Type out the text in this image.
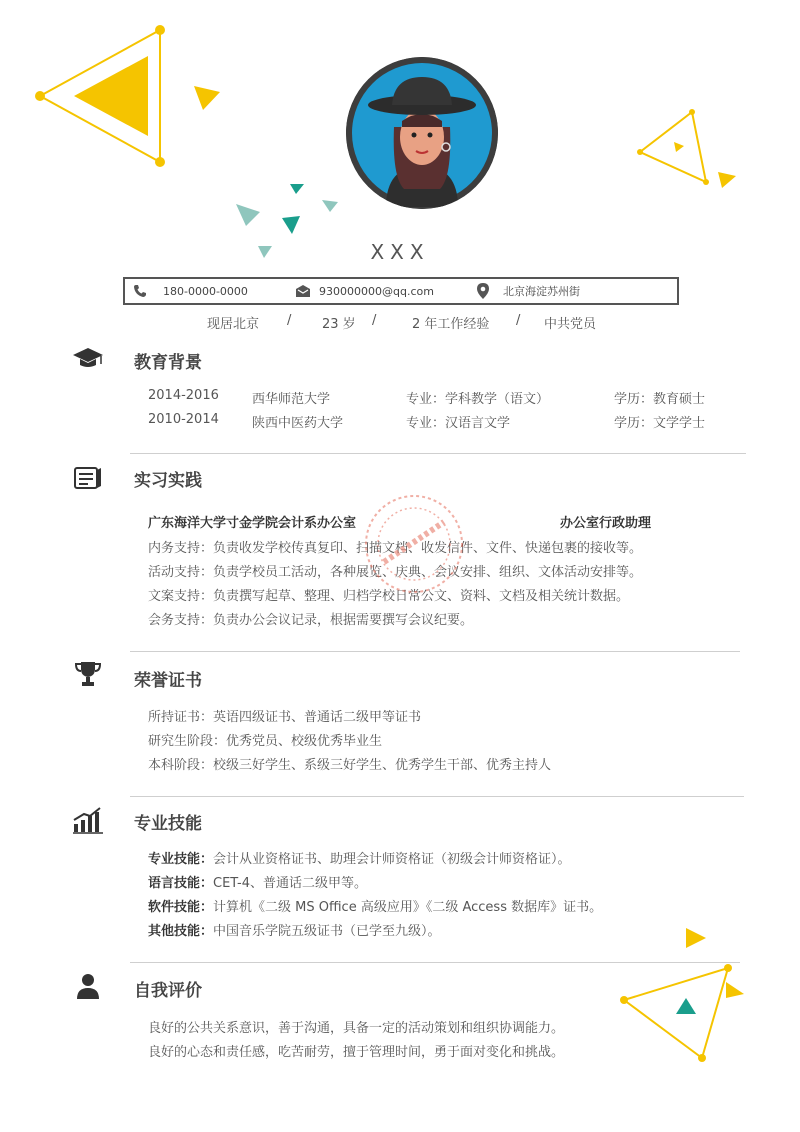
XXX
180-0000-0000	930000000@qq.com	北京海淀苏州街
现居北京 / 23 岁 /	2 年工作经验 / 中共党员
教育背景
2014-2016	西华师范大学	专业：学科教学（语文）	学历：教育硕士
2010-2014	陕西中医药大学	专业：汉语言文学	学历：文学学士
实习实践
广东海洋大学寸金学院会计系办公室	办公室行政助理
内务支持：负责收发学校传真复印、扫描文档、收发信件、文件、快递包裹的接收等。
活动支持：负责学校员工活动，各种展览、庆典、会议安排、组织、文体活动安排等。
文案支持：负责撰写起草、整理、归档学校日常公文、资料、文档及相关统计数据。
会务支持：负责办公会议记录，根据需要撰写会议纪要。
荣誉证书
所持证书：英语四级证书、普通话二级甲等证书
研究生阶段：优秀党员、校级优秀毕业生
本科阶段：校级三好学生、系级三好学生、优秀学生干部、优秀主持人
专业技能
专业技能：会计从业资格证书、助理会计师资格证（初级会计师资格证）。
语言技能：CET-4、普通话二级甲等。
软件技能：计算机《二级 MS Office 高级应用》《二级 Access 数据库》证书。
其他技能：中国音乐学院五级证书（已学至九级）。
自我评价
良好的公共关系意识，善于沟通，具备一定的活动策划和组织协调能力。
良好的心态和责任感，吃苦耐劳，擅于管理时间，勇于面对变化和挑战。
